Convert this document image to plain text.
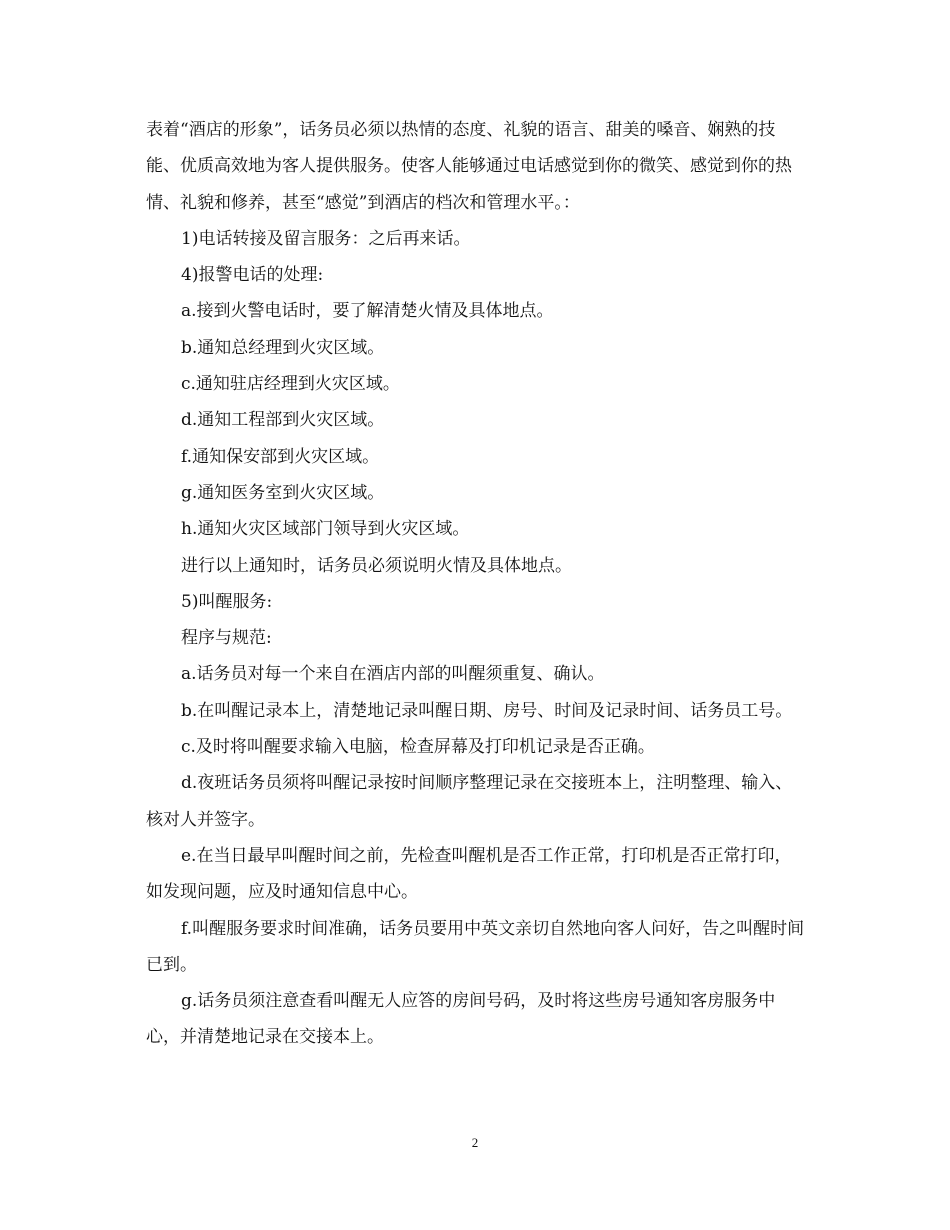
表着“酒店的形象”，话务员必须以热情的态度、礼貌的语言、甜美的嗓音、娴熟的技能、优质高效地为客人提供服务。使客人能够通过电话感觉到你的微笑、感觉到你的热情、礼貌和修养，甚至“感觉”到酒店的档次和管理水平。：

1)电话转接及留言服务：之后再来话。

4)报警电话的处理:

a.接到火警电话时，要了解清楚火情及具体地点。

b.通知总经理到火灾区域。

c.通知驻店经理到火灾区域。

d.通知工程部到火灾区域。

f.通知保安部到火灾区域。

g.通知医务室到火灾区域。

h.通知火灾区域部门领导到火灾区域。

进行以上通知时，话务员必须说明火情及具体地点。

5)叫醒服务:

程序与规范:

a.话务员对每一个来自在酒店内部的叫醒须重复、确认。

b.在叫醒记录本上，清楚地记录叫醒日期、房号、时间及记录时间、话务员工号。

c.及时将叫醒要求输入电脑，检查屏幕及打印机记录是否正确。

d.夜班话务员须将叫醒记录按时间顺序整理记录在交接班本上，注明整理、输入、核对人并签字。

e.在当日最早叫醒时间之前，先检查叫醒机是否工作正常，打印机是否正常打印，如发现问题，应及时通知信息中心。

f.叫醒服务要求时间准确，话务员要用中英文亲切自然地向客人问好，告之叫醒时间已到。

g.话务员须注意查看叫醒无人应答的房间号码，及时将这些房号通知客房服务中心，并清楚地记录在交接本上。

2
